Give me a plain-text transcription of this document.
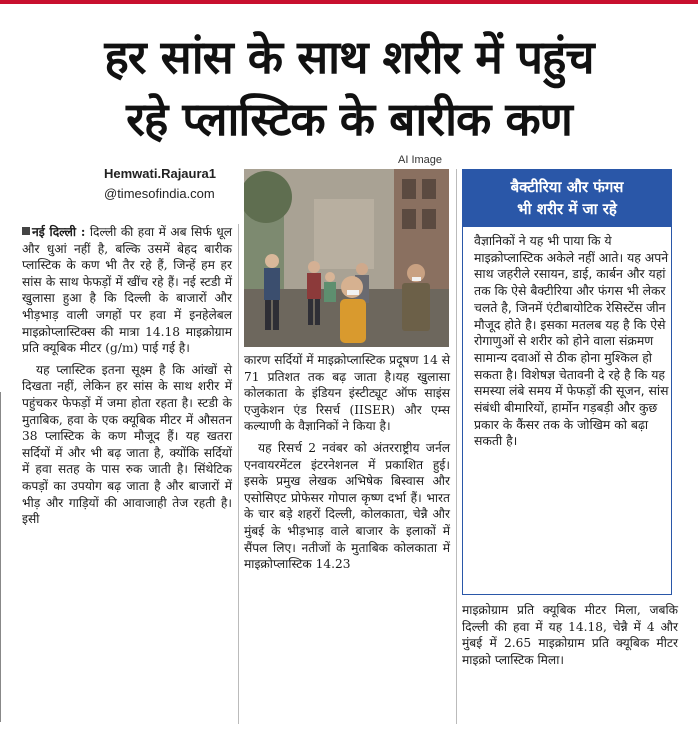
हर सांस के साथ शरीर में पहुंच
रहे प्लास्टिक के बारीक कण
Hemwati.Rajaura1
@timesofindia.com
AI Image

नई दिल्ली : दिल्ली की हवा में अब सिर्फ धूल और धुआं नहीं है, बल्कि उसमें बेहद बारीक प्लास्टिक के कण भी तैर रहे हैं, जिन्हें हम हर सांस के साथ फेफड़ों में खींच रहे हैं। नई स्टडी में खुलासा हुआ है कि दिल्ली के बाजारों और भीड़भाड़ वाली जगहों पर हवा में इनहेलेबल माइक्रोप्लास्टिक्स की मात्रा 14.18 माइक्रोग्राम प्रति क्यूबिक मीटर (g/m) पाई गई है।

यह प्लास्टिक इतना सूक्ष्म है कि आंखों से दिखता नहीं, लेकिन हर सांस के साथ शरीर में पहुंचकर फेफड़ों में जमा होता रहता है। स्टडी के मुताबिक, हवा के एक क्यूबिक मीटर में औसतन 38 प्लास्टिक के कण मौजूद हैं। यह खतरा सर्दियों में और भी बढ़ जाता है, क्योंकि सर्दियों में हवा सतह के पास रुक जाती है। सिंथेटिक कपड़ों का उपयोग बढ़ जाता है और बाजारों में भीड़ और गाड़ियों की आवाजाही तेज रहती है। इसी

कारण सर्दियों में माइक्रोप्लास्टिक प्रदूषण 14 से 71 प्रतिशत तक बढ़ जाता है।यह खुलासा कोलकाता के इंडियन इंस्टीट्यूट ऑफ साइंस एजुकेशन एंड रिसर्च (IISER) और एम्स कल्याणी के वैज्ञानिकों ने किया है।

यह रिसर्च 2 नवंबर को अंतरराष्ट्रीय जर्नल एनवायरमेंटल इंटरनेशनल में प्रकाशित हुई। इसके प्रमुख लेखक अभिषेक बिस्वास और एसोसिएट प्रोफेसर गोपाल कृष्ण दर्भा हैं। भारत के चार बड़े शहरों दिल्ली, कोलकाता, चेन्नै और मुंबई के भीड़भाड़ वाले बाजार के इलाकों में सैंपल लिए। नतीजों के मुताबिक कोलकाता में माइक्रोप्लास्टिक 14.23

बैक्टीरिया और फंगस
भी शरीर में जा रहे
वैज्ञानिकों ने यह भी पाया कि ये माइक्रोप्लास्टिक अकेले नहीं आते। यह अपने साथ जहरीले रसायन, डाई, कार्बन और यहां तक कि ऐसे बैक्टीरिया और फंगस भी लेकर चलते है, जिनमें एंटीबायोटिक रेसिस्टेंस जीन मौजूद होते है। इसका मतलब यह है कि ऐसे रोगाणुओं से शरीर को होने वाला संक्रमण सामान्य दवाओं से ठीक होना मुश्किल हो सकता है। विशेषज्ञ चेतावनी दे रहे है कि यह समस्या लंबे समय में फेफड़ों की सूजन, सांस संबंधी बीमारियों, हार्मोन गड़बड़ी और कुछ प्रकार के कैंसर तक के जोखिम को बढ़ा सकती है।
माइक्रोग्राम प्रति क्यूबिक मीटर मिला, जबकि दिल्ली की हवा में यह 14.18, चेन्नै में 4 और मुंबई में 2.65 माइक्रोग्राम प्रति क्यूबिक मीटर माइक्रो प्लास्टिक मिला।
